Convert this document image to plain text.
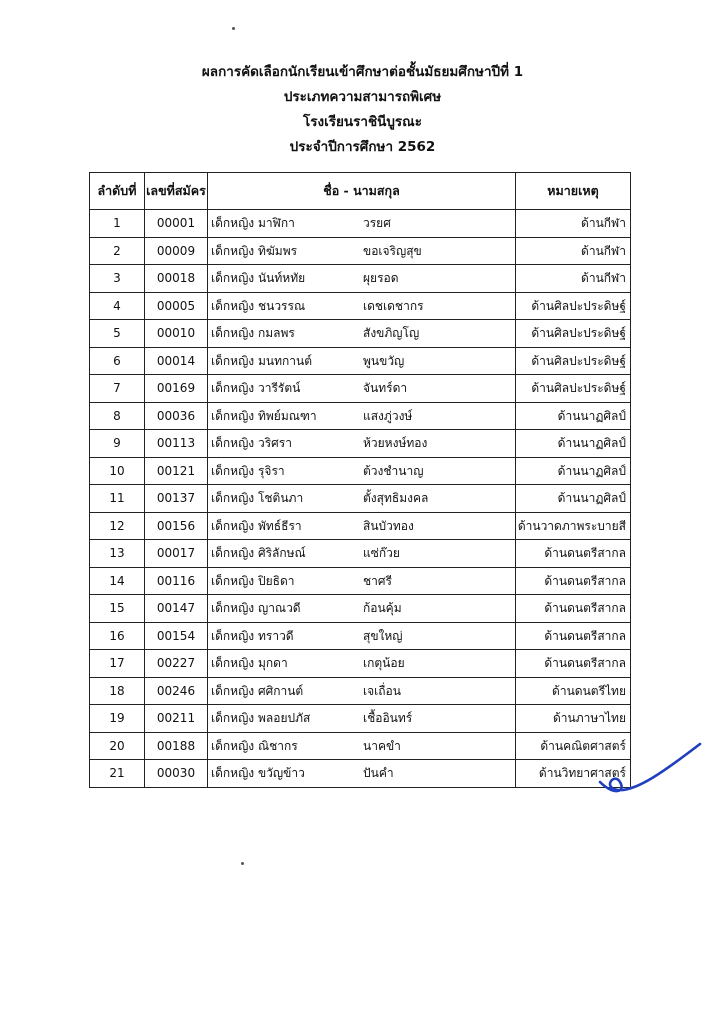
ผลการคัดเลือกนักเรียนเข้าศึกษาต่อชั้นมัธยมศึกษาปีที่ 1
ประเภทความสามารถพิเศษ
โรงเรียนราชินีบูรณะ
ประจำปีการศึกษา 2562
ลำดับที่	เลขที่สมัคร	ชื่อ - นามสกุล	หมายเหตุ
1	00001	เด็กหญิง มาฬิกา วรยศ	ด้านกีฬา
2	00009	เด็กหญิง ทิฆัมพร ขอเจริญสุข	ด้านกีฬา
3	00018	เด็กหญิง นันท์หทัย ผุยรอด	ด้านกีฬา
4	00005	เด็กหญิง ชนวรรณ เดชเดชากร	ด้านศิลปะประดิษฐ์
5	00010	เด็กหญิง กมลพร สังขภิญโญ	ด้านศิลปะประดิษฐ์
6	00014	เด็กหญิง มนทกานต์ พูนขวัญ	ด้านศิลปะประดิษฐ์
7	00169	เด็กหญิง วารีรัตน์ จันทร์ดา	ด้านศิลปะประดิษฐ์
8	00036	เด็กหญิง ทิพย์มณฑา แสงภู่วงษ์	ด้านนาฏศิลป์
9	00113	เด็กหญิง วริศรา ห้วยหงษ์ทอง	ด้านนาฏศิลป์
10	00121	เด็กหญิง รุจิรา ต้วงชำนาญ	ด้านนาฏศิลป์
11	00137	เด็กหญิง โชตินภา ตั้งสุทธิมงคล	ด้านนาฏศิลป์
12	00156	เด็กหญิง พัทธ์ธีรา สินบัวทอง	ด้านวาดภาพระบายสี
13	00017	เด็กหญิง ศิริลักษณ์ แซ่ก๊วย	ด้านดนตรีสากล
14	00116	เด็กหญิง ปิยธิดา ชาศรี	ด้านดนตรีสากล
15	00147	เด็กหญิง ญาณวดี ก้อนคุ้ม	ด้านดนตรีสากล
16	00154	เด็กหญิง ทราวดี สุขใหญ่	ด้านดนตรีสากล
17	00227	เด็กหญิง มุกดา เกตุน้อย	ด้านดนตรีสากล
18	00246	เด็กหญิง ศศิกานต์ เจเถื่อน	ด้านดนตรีไทย
19	00211	เด็กหญิง พลอยปภัส เชื้ออินทร์	ด้านภาษาไทย
20	00188	เด็กหญิง ณิชากร นาคขำ	ด้านคณิตศาสตร์
21	00030	เด็กหญิง ขวัญข้าว ปันคำ	ด้านวิทยาศาสตร์
